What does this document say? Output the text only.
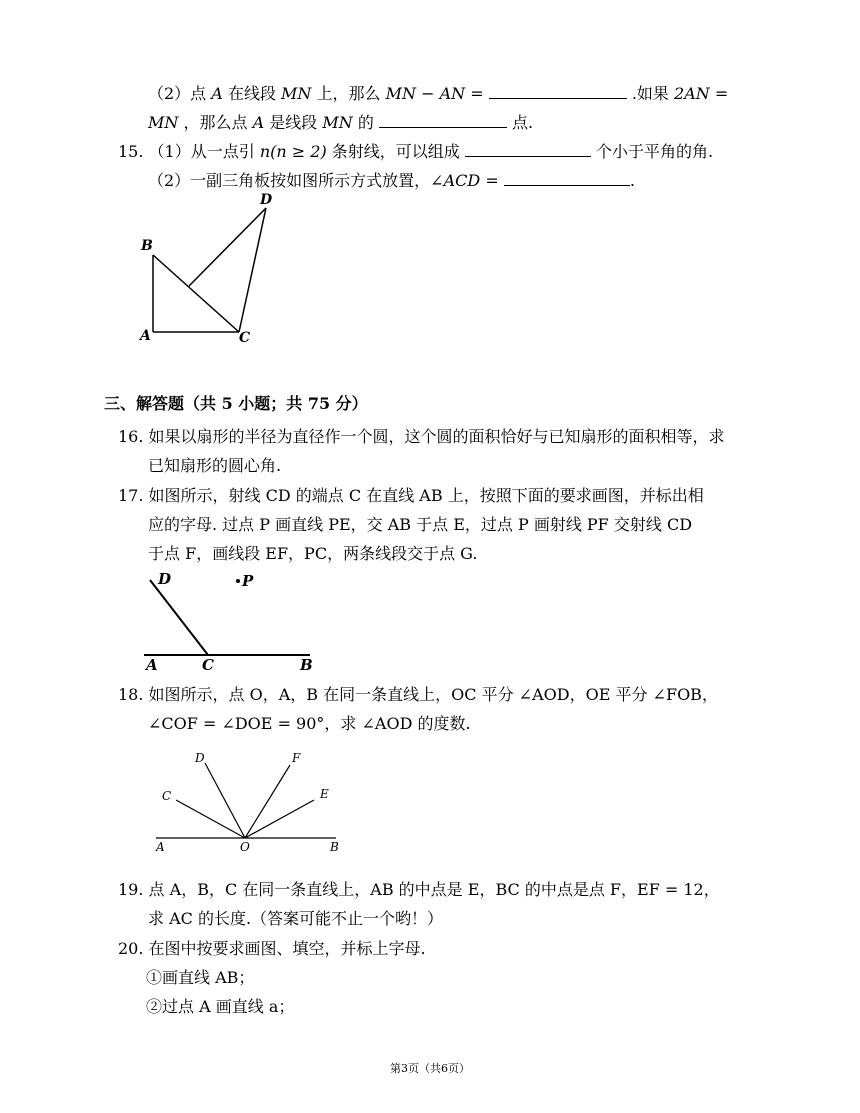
（2）点 A 在线段 MN 上，那么 MN − AN =	.如果 2AN =
MN ，那么点 A 是线段 MN 的	点.
15. （1）从一点引 n(n ≥ 2) 条射线，可以组成	个小于平角的角.
（2）一副三角板按如图所示方式放置，∠ACD =	.
D
B
A	C
三、解答题（共 5 小题；共 75 分）
16. 如果以扇形的半径为直径作一个圆，这个圆的面积恰好与已知扇形的面积相等，求
已知扇形的圆心角.
17. 如图所示，射线 CD 的端点 C 在直线 AB 上，按照下面的要求画图，并标出相
应的字母. 过点 P 画直线 PE，交 AB 于点 E，过点 P 画射线 PF 交射线 CD
于点 F，画线段 EF，PC，两条线段交于点 G.
D	P
A	C	B
18. 如图所示，点 O，A，B 在同一条直线上，OC 平分 ∠AOD，OE 平分 ∠FOB，
∠COF = ∠DOE = 90°，求 ∠AOD 的度数.
D	F
C	E
A	O	B
19. 点 A，B，C 在同一条直线上，AB 的中点是 E，BC 的中点是点 F，EF = 12，
求 AC 的长度.（答案可能不止一个哟！）
20. 在图中按要求画图、填空，并标上字母.
①画直线 AB；
②过点 A 画直线 a；
第3页（共6页）
